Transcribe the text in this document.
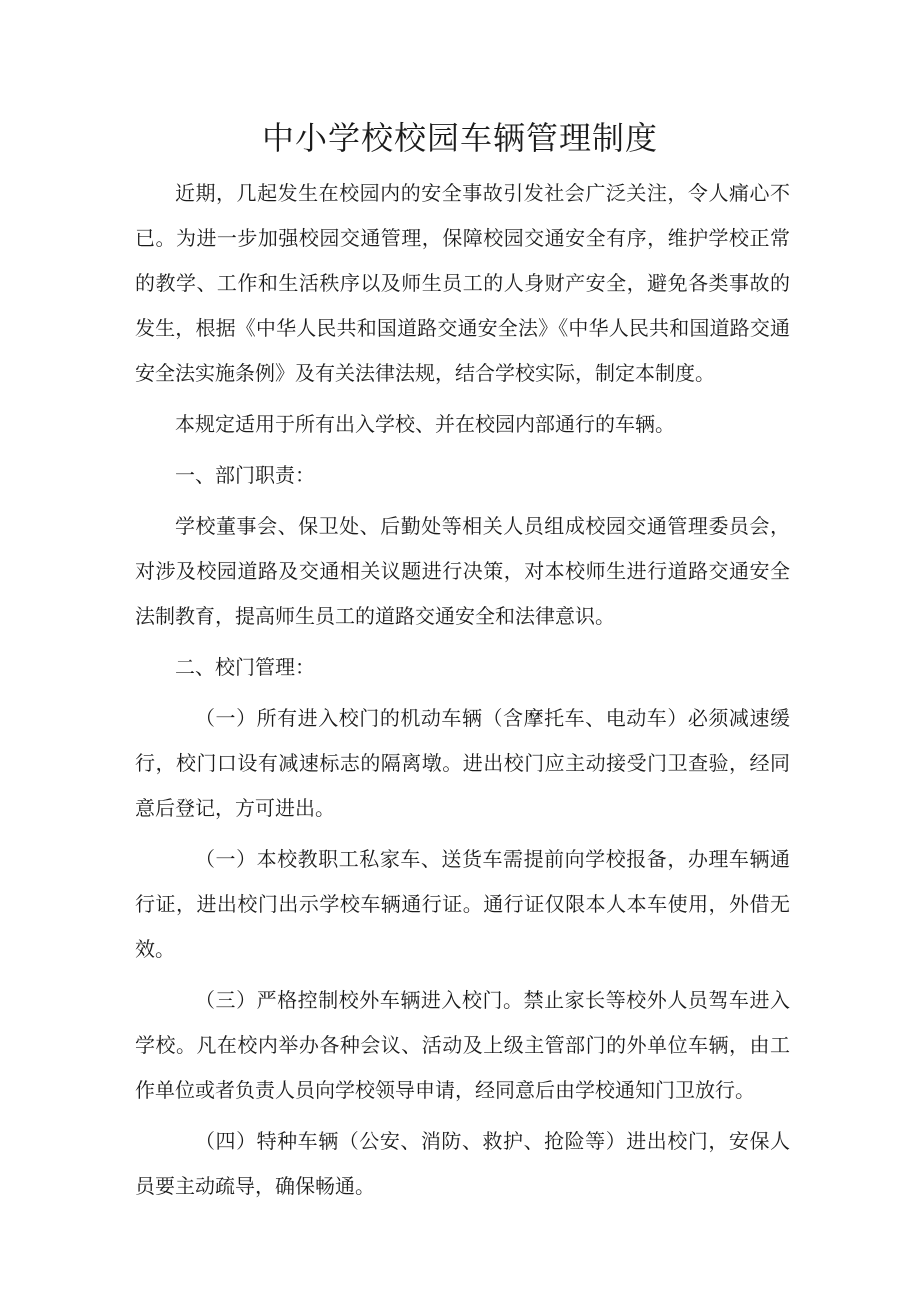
中小学校校园车辆管理制度

近期，几起发生在校园内的安全事故引发社会广泛关注，令人痛心不已。为进一步加强校园交通管理，保障校园交通安全有序，维护学校正常的教学、工作和生活秩序以及师生员工的人身财产安全，避免各类事故的发生，根据《中华人民共和国道路交通安全法》《中华人民共和国道路交通安全法实施条例》及有关法律法规，结合学校实际，制定本制度。

本规定适用于所有出入学校、并在校园内部通行的车辆。

一、部门职责：

学校董事会、保卫处、后勤处等相关人员组成校园交通管理委员会，对涉及校园道路及交通相关议题进行决策，对本校师生进行道路交通安全法制教育，提高师生员工的道路交通安全和法律意识。

二、校门管理：

（一）所有进入校门的机动车辆（含摩托车、电动车）必须减速缓行，校门口设有减速标志的隔离墩。进出校门应主动接受门卫查验，经同意后登记，方可进出。

（一）本校教职工私家车、送货车需提前向学校报备，办理车辆通行证，进出校门出示学校车辆通行证。通行证仅限本人本车使用，外借无效。

（三）严格控制校外车辆进入校门。禁止家长等校外人员驾车进入学校。凡在校内举办各种会议、活动及上级主管部门的外单位车辆，由工作单位或者负责人员向学校领导申请，经同意后由学校通知门卫放行。

（四）特种车辆（公安、消防、救护、抢险等）进出校门，安保人员要主动疏导，确保畅通。
